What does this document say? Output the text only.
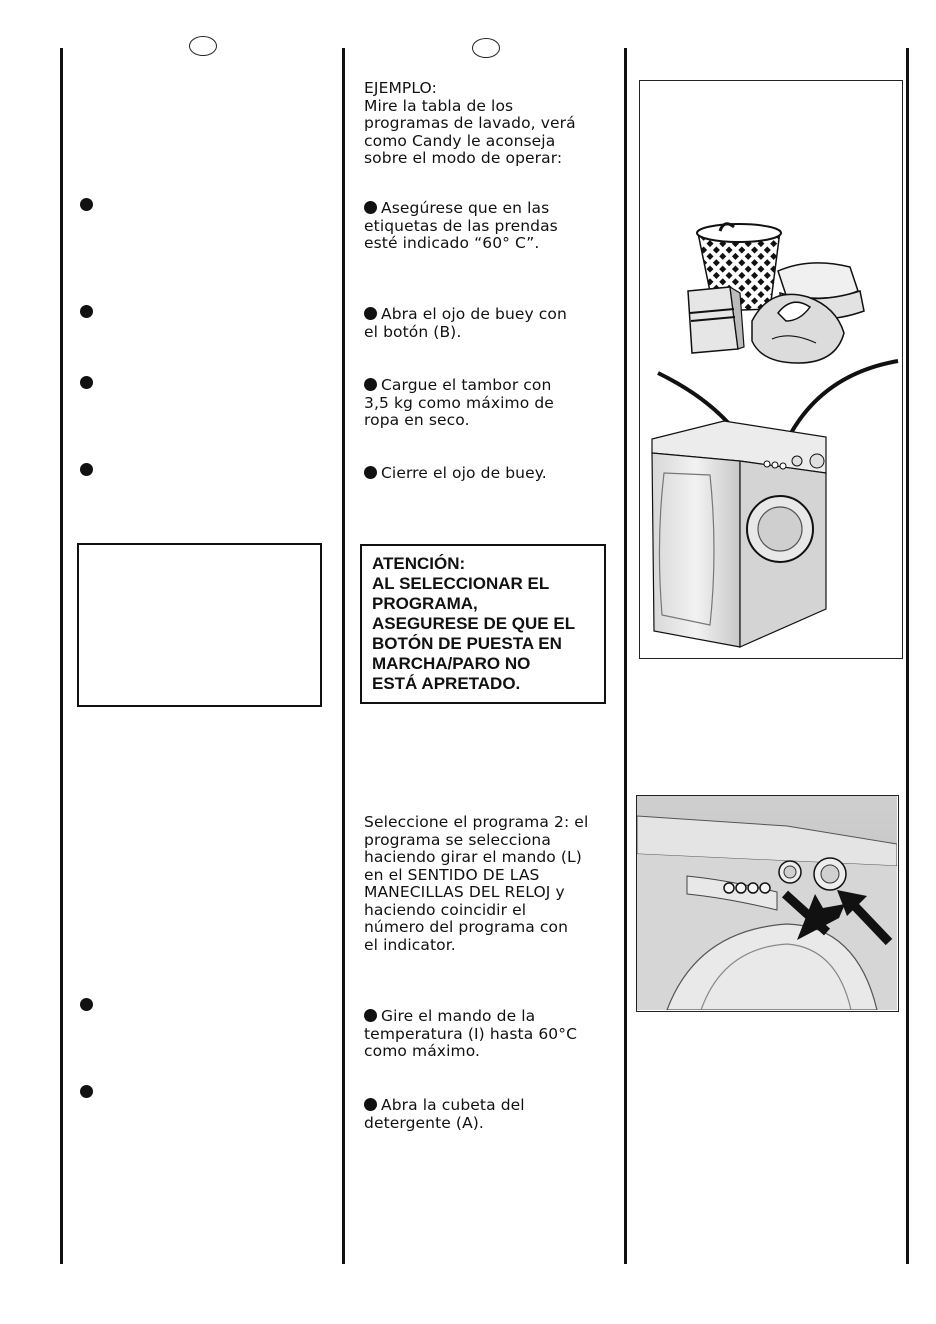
EJEMPLO:
Mire la tabla de los
programas de lavado, verá
como Candy le aconseja
sobre el modo de operar:
Asegúrese que en las
etiquetas de las prendas
esté indicado “60° C”.
Abra el ojo de buey con
el botón (B).
Cargue el tambor con
3,5 kg como máximo de
ropa en seco.
Cierre el ojo de buey.
ATENCIÓN:
AL SELECCIONAR EL
PROGRAMA,
ASEGURESE DE QUE EL
BOTÓN DE PUESTA EN
MARCHA/PARO NO
ESTÁ APRETADO.
Seleccione el programa 2: el
programa se selecciona
haciendo girar el mando (L)
en el SENTIDO DE LAS
MANECILLAS DEL RELOJ y
haciendo coincidir el
número del programa con
el indicator.
Gire el mando de la
temperatura (I) hasta 60°C
como máximo.
Abra la cubeta del
detergente (A).
